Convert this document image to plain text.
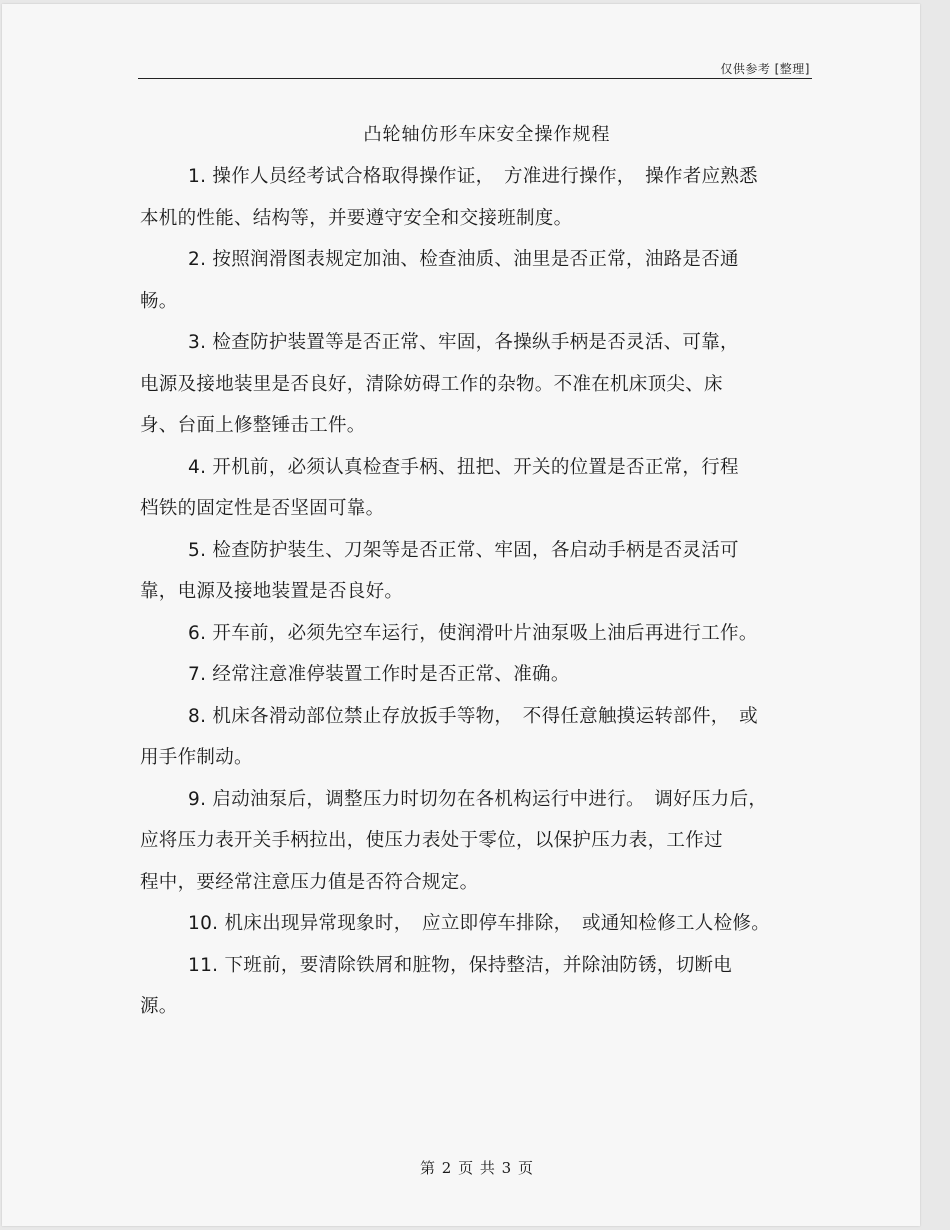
仅供参考 [整理]
凸轮轴仿形车床安全操作规程
1. 操作人员经考试合格取得操作证，　方准进行操作，　操作者应熟悉
本机的性能、结构等，并要遵守安全和交接班制度。
2. 按照润滑图表规定加油、检查油质、油里是否正常，油路是否通
畅。
3. 检查防护装置等是否正常、牢固，各操纵手柄是否灵活、可靠，
电源及接地装里是否良好，清除妨碍工作的杂物。不准在机床顶尖、床
身、台面上修整锤击工件。
4. 开机前，必须认真检查手柄、扭把、开关的位置是否正常，行程
档铁的固定性是否坚固可靠。
5. 检查防护装生、刀架等是否正常、牢固，各启动手柄是否灵活可
靠，电源及接地装置是否良好。
6. 开车前，必须先空车运行，使润滑叶片油泵吸上油后再进行工作。
7. 经常注意准停装置工作时是否正常、准确。
8. 机床各滑动部位禁止存放扳手等物，　不得任意触摸运转部件，　或
用手作制动。
9. 启动油泵后，调整压力时切勿在各机构运行中进行。　调好压力后，
应将压力表开关手柄拉出，使压力表处于零位，以保护压力表，工作过
程中，要经常注意压力值是否符合规定。
10. 机床出现异常现象时，　应立即停车排除，　或通知检修工人检修。
11. 下班前，要清除铁屑和脏物，保持整洁，并除油防锈，切断电
源。
第 2 页 共 3 页
